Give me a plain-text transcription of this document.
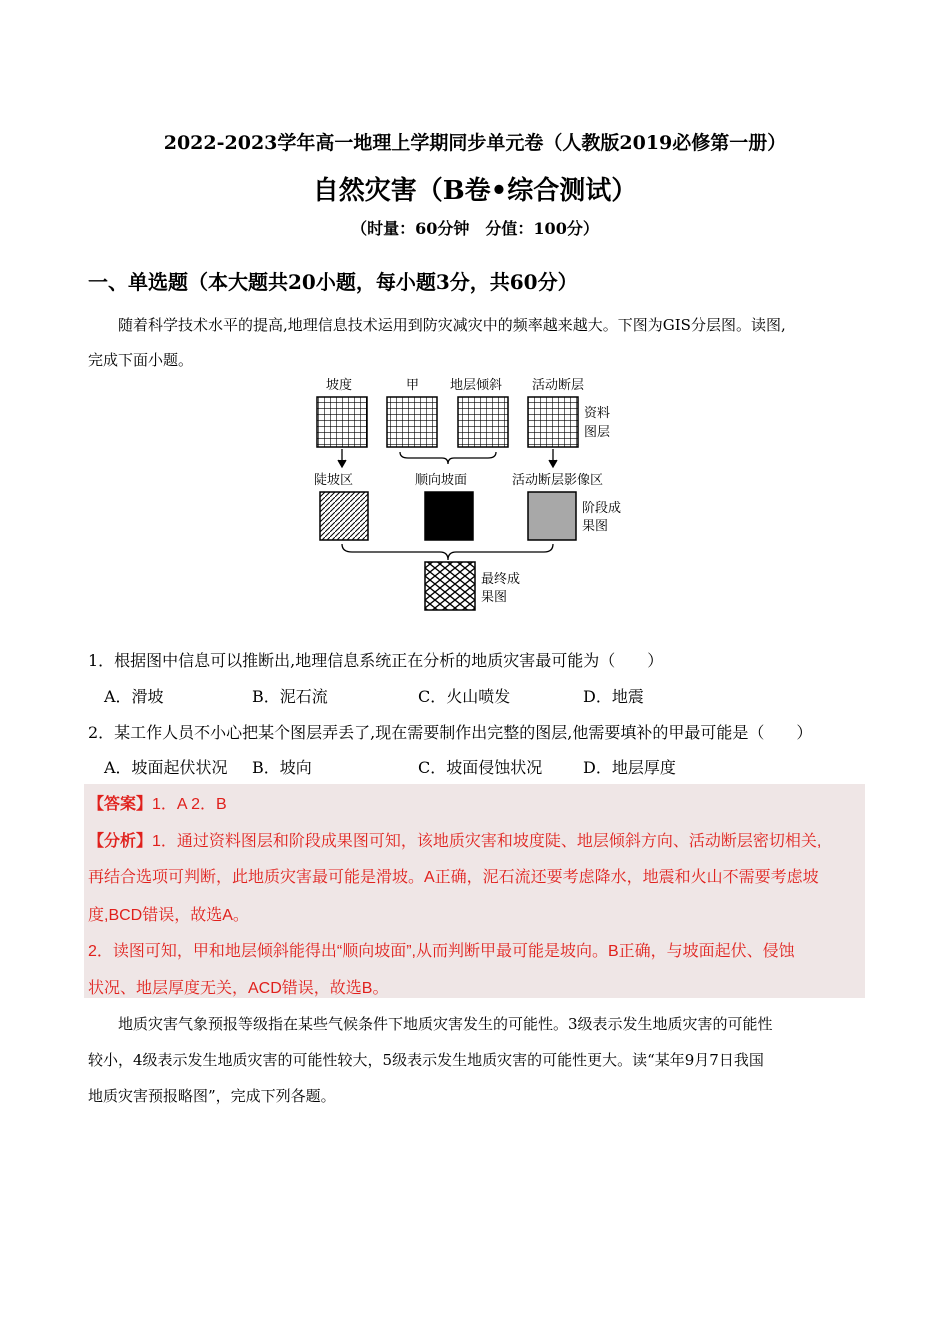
2022-2023学年高一地理上学期同步单元卷（人教版2019必修第一册）
自然灾害（B卷•综合测试）
（时量：60分钟　分值：100分）
一、单选题（本大题共20小题，每小题3分，共60分）
随着科学技术水平的提高,地理信息技术运用到防灾减灾中的频率越来越大。下图为GIS分层图。读图,
完成下面小题。
坡度	甲 地层倾斜 活动断层
资料
图层
陡坡区	顺向坡面	活动断层影像区
阶段成
果图
最终成
果图
1．根据图中信息可以推断出,地理信息系统正在分析的地质灾害最可能为（　　）
A．滑坡	B．泥石流	C．火山喷发	D．地震
2．某工作人员不小心把某个图层弄丢了,现在需要制作出完整的图层,他需要填补的甲最可能是（　　）
A．坡面起伏状况 B．坡向	C．坡面侵蚀状况	D．地层厚度
【答案】1．A 2．B
【分析】1．通过资料图层和阶段成果图可知，该地质灾害和坡度陡、地层倾斜方向、活动断层密切相关,
再结合选项可判断，此地质灾害最可能是滑坡。A正确，泥石流还要考虑降水，地震和火山不需要考虑坡
度,BCD错误，故选A。
2．读图可知，甲和地层倾斜能得出“顺向坡面”,从而判断甲最可能是坡向。B正确，与坡面起伏、侵蚀
状况、地层厚度无关，ACD错误，故选B。
地质灾害气象预报等级指在某些气候条件下地质灾害发生的可能性。3级表示发生地质灾害的可能性
较小，4级表示发生地质灾害的可能性较大，5级表示发生地质灾害的可能性更大。读“某年9月7日我国
地质灾害预报略图”，完成下列各题。
